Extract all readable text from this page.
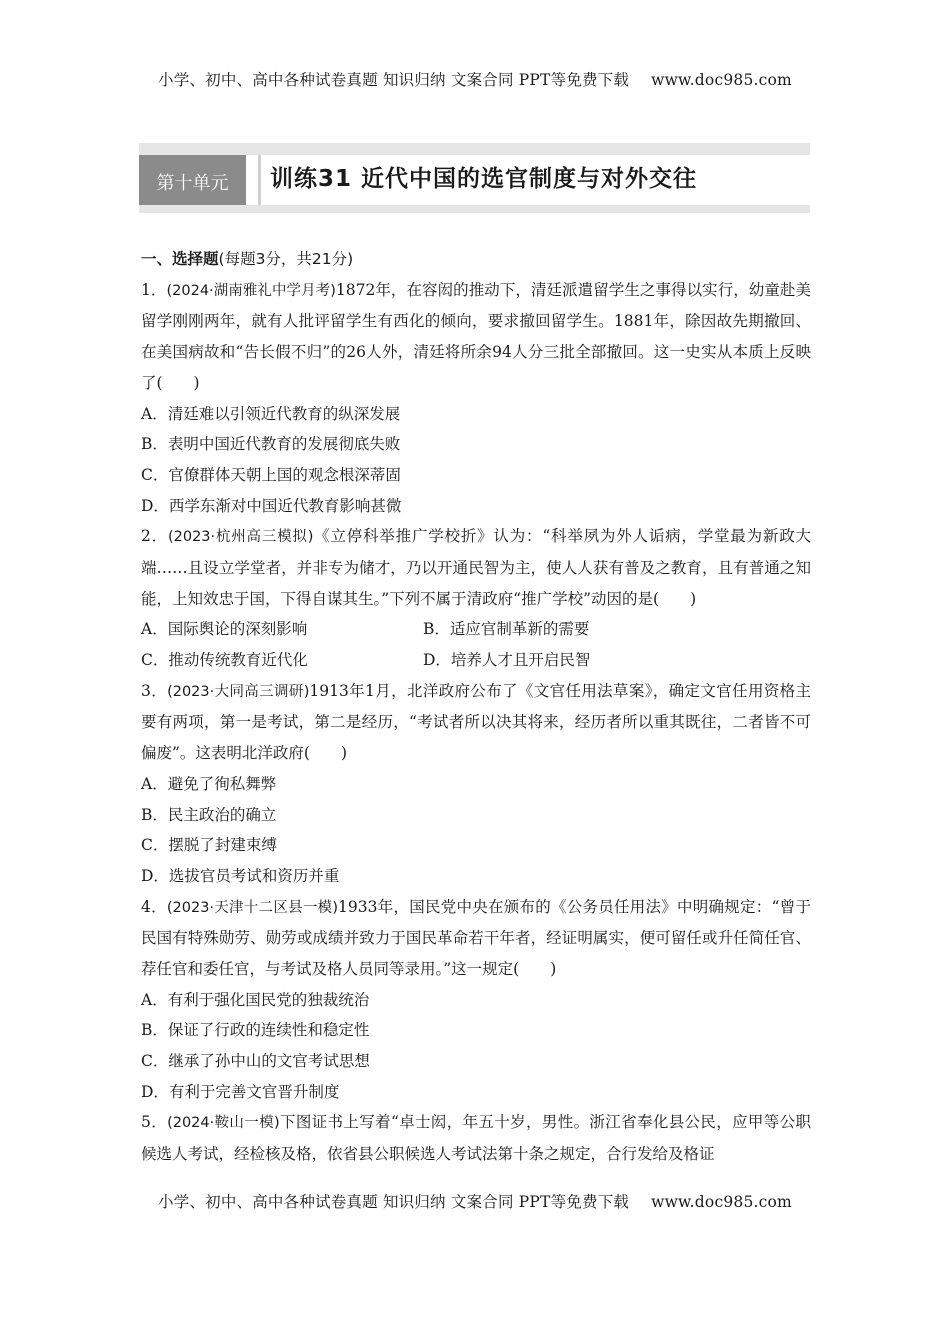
小学、初中、高中各种试卷真题 知识归纳 文案合同 PPT等免费下载 www.doc985.com
第十单元	训练31 近代中国的选官制度与对外交往
一、选择题(每题3分，共21分)
1．(2024·湖南雅礼中学月考)1872年，在容闳的推动下，清廷派遣留学生之事得以实行，幼童赴美留学刚刚两年，就有人批评留学生有西化的倾向，要求撤回留学生。1881年，除因故先期撤回、在美国病故和“告长假不归”的26人外，清廷将所余94人分三批全部撤回。这一史实从本质上反映了(　　)
A．清廷难以引领近代教育的纵深发展
B．表明中国近代教育的发展彻底失败
C．官僚群体天朝上国的观念根深蒂固
D．西学东渐对中国近代教育影响甚微
2．(2023·杭州高三模拟)《立停科举推广学校折》认为：“科举夙为外人诟病，学堂最为新政大端……且设立学堂者，并非专为储才，乃以开通民智为主，使人人获有普及之教育，且有普通之知能，上知效忠于国，下得自谋其生。”下列不属于清政府“推广学校”动因的是(　　)
A．国际舆论的深刻影响	B．适应官制革新的需要
C．推动传统教育近代化	D．培养人才且开启民智
3．(2023·大同高三调研)1913年1月，北洋政府公布了《文官任用法草案》，确定文官任用资格主要有两项，第一是考试，第二是经历，“考试者所以决其将来，经历者所以重其既往，二者皆不可偏废”。这表明北洋政府(　　)
A．避免了徇私舞弊
B．民主政治的确立
C．摆脱了封建束缚
D．选拔官员考试和资历并重
4．(2023·天津十二区县一模)1933年，国民党中央在颁布的《公务员任用法》中明确规定：“曾于民国有特殊勋劳、勋劳或成绩并致力于国民革命若干年者，经证明属实，便可留任或升任简任官、荐任官和委任官，与考试及格人员同等录用。”这一规定(　　)
A．有利于强化国民党的独裁统治
B．保证了行政的连续性和稳定性
C．继承了孙中山的文官考试思想
D．有利于完善文官晋升制度
5．(2024·鞍山一模)下图证书上写着“卓士闳，年五十岁，男性。浙江省奉化县公民，应甲等公职候选人考试，经检核及格，依省县公职候选人考试法第十条之规定，合行发给及格证
小学、初中、高中各种试卷真题 知识归纳 文案合同 PPT等免费下载 www.doc985.com
